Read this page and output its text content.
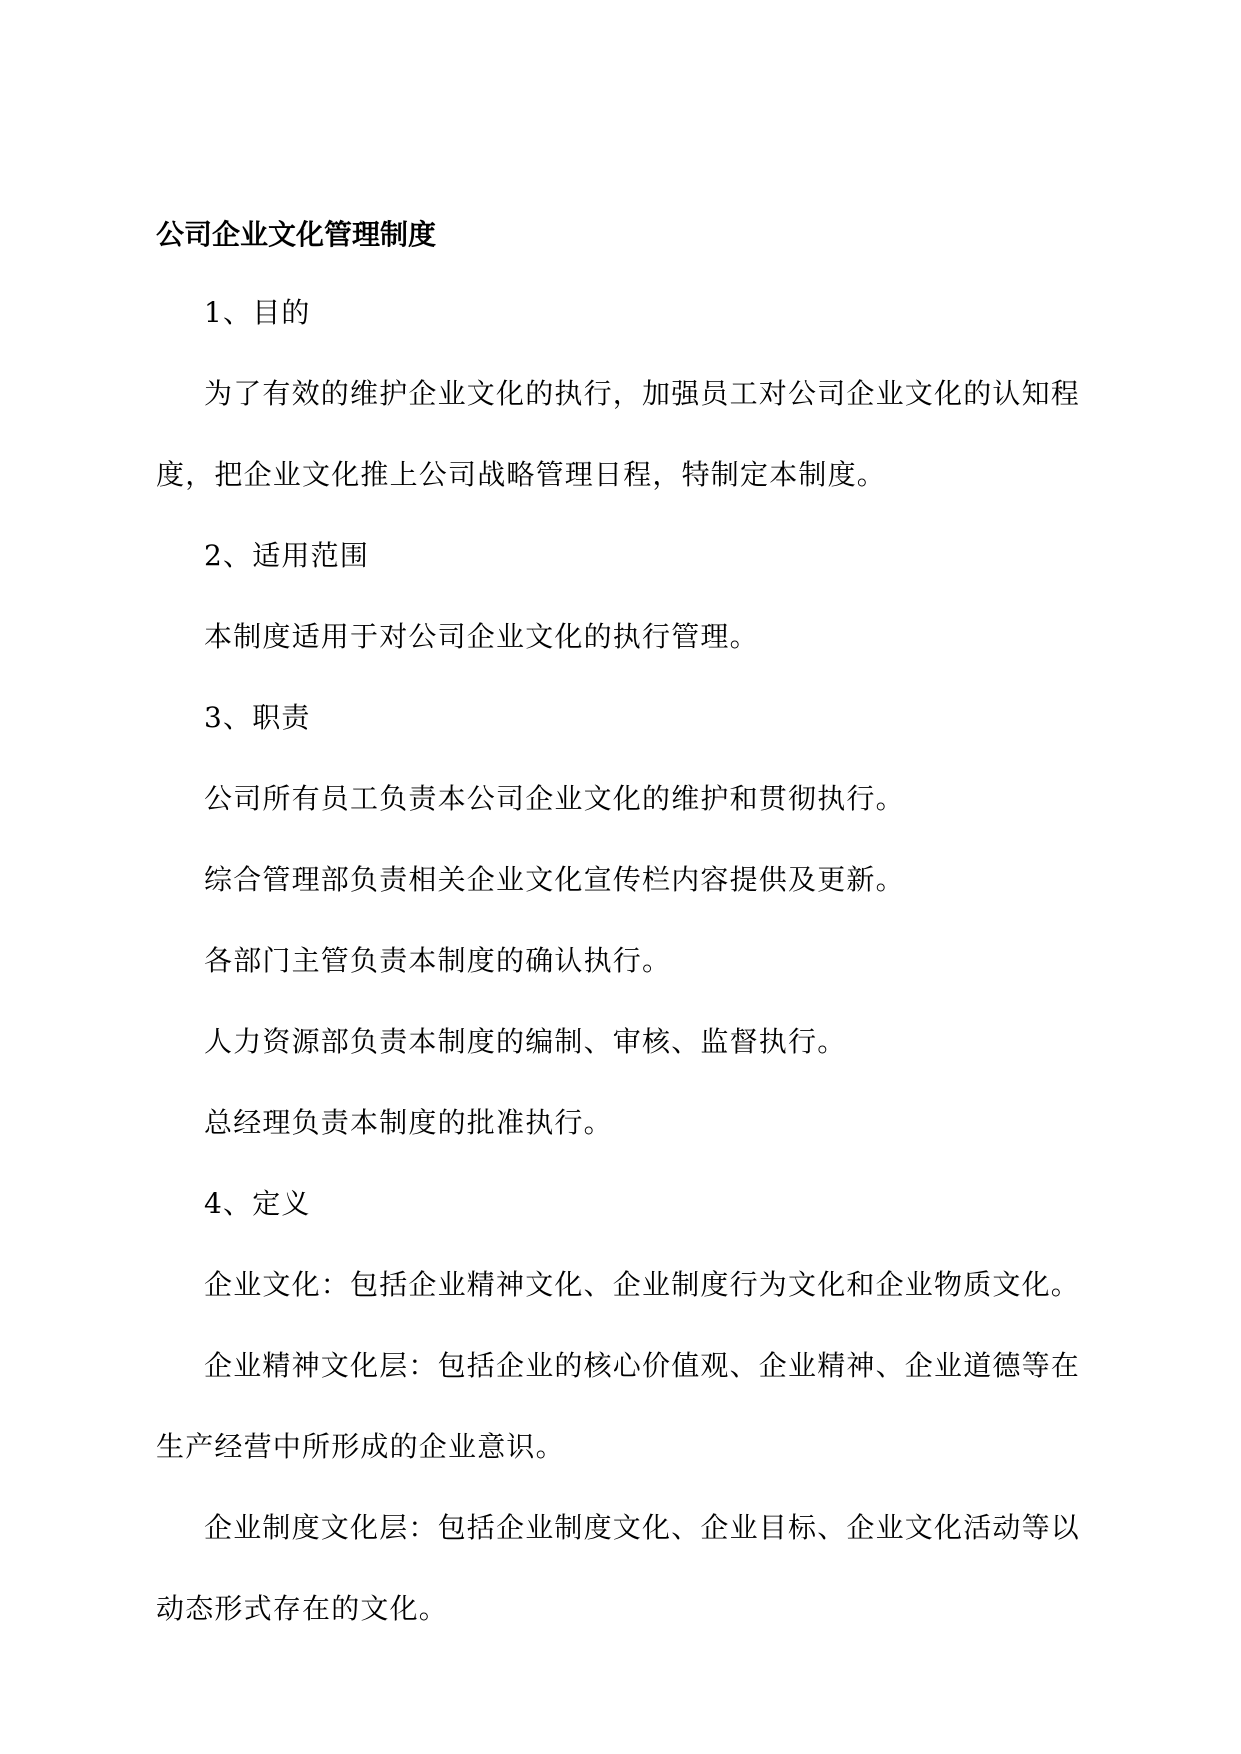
公司企业文化管理制度

1、目的

为了有效的维护企业文化的执行，加强员工对公司企业文化的认知程度，把企业文化推上公司战略管理日程，特制定本制度。

2、适用范围

本制度适用于对公司企业文化的执行管理。

3、职责

公司所有员工负责本公司企业文化的维护和贯彻执行。

综合管理部负责相关企业文化宣传栏内容提供及更新。

各部门主管负责本制度的确认执行。

人力资源部负责本制度的编制、审核、监督执行。

总经理负责本制度的批准执行。

4、定义

企业文化：包括企业精神文化、企业制度行为文化和企业物质文化。

企业精神文化层：包括企业的核心价值观、企业精神、企业道德等在生产经营中所形成的企业意识。

企业制度文化层：包括企业制度文化、企业目标、企业文化活动等以动态形式存在的文化。
